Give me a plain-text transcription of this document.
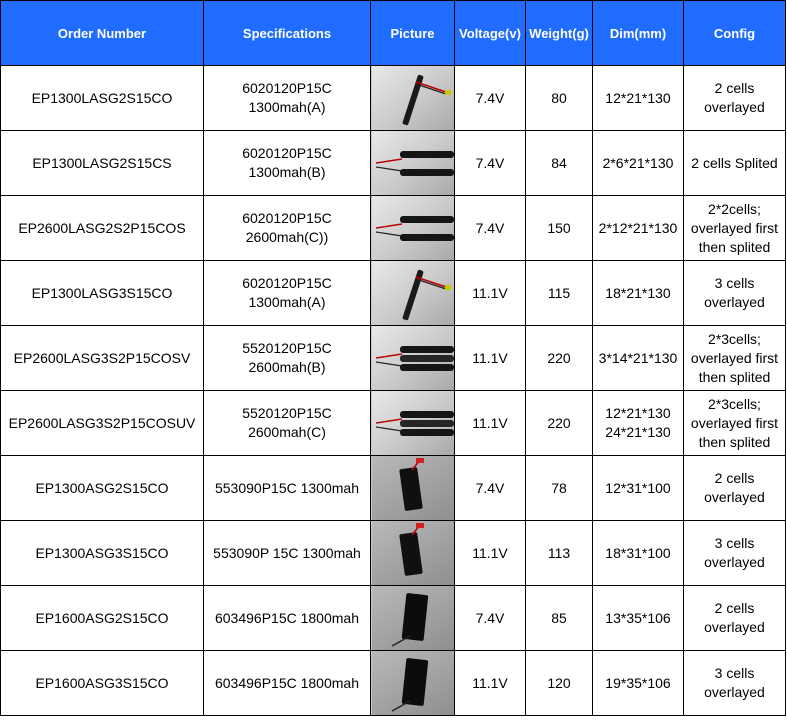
Order Number	Specifications	Picture	Voltage(v)	Weight(g)	Dim(mm)	Config
EP1300LASG2S15CO	6020120P15C
1300mah(A)		7.4V	80	12*21*130	2 cells
overlayed
EP1300LASG2S15CS	6020120P15C
1300mah(B)		7.4V	84	2*6*21*130	2 cells Splited
EP2600LASG2S2P15COS	6020120P15C
2600mah(C))		7.4V	150	2*12*21*130	2*2cells;
overlayed first
then splited
EP1300LASG3S15CO	6020120P15C
1300mah(A)		11.1V	115	18*21*130	3 cells
overlayed
EP2600LASG3S2P15COSV	5520120P15C
2600mah(B)		11.1V	220	3*14*21*130	2*3cells;
overlayed first
then splited
EP2600LASG3S2P15COSUV	5520120P15C
2600mah(C)		11.1V	220	12*21*130
24*21*130	2*3cells;
overlayed first
then splited
EP1300ASG2S15CO	553090P15C 1300mah		7.4V	78	12*31*100	2 cells
overlayed
EP1300ASG3S15CO	553090P 15C 1300mah		11.1V	113	18*31*100	3 cells
overlayed
EP1600ASG2S15CO	603496P15C 1800mah		7.4V	85	13*35*106	2 cells
overlayed
EP1600ASG3S15CO	603496P15C 1800mah		11.1V	120	19*35*106	3 cells
overlayed
